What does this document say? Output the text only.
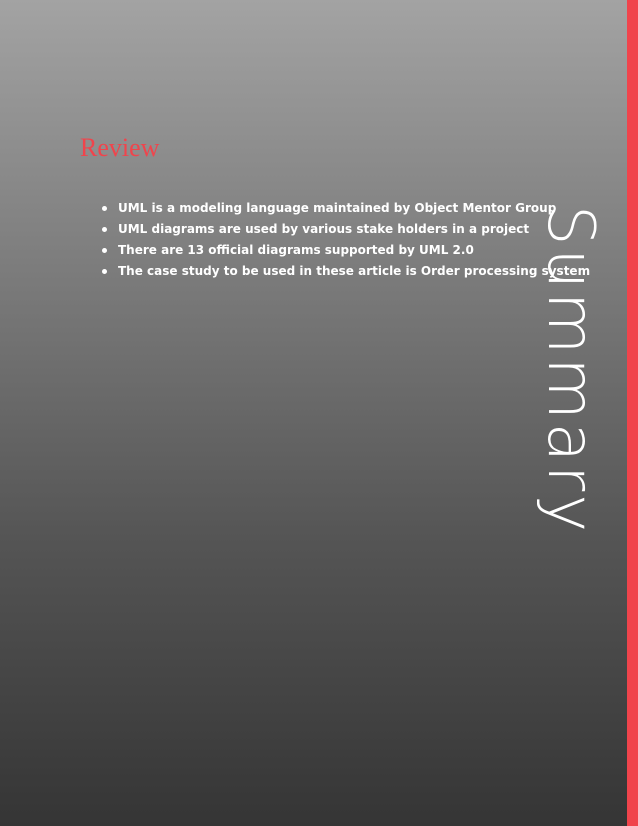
Review
UML is a modeling language maintained by Object Mentor Group
UML diagrams are used by various stake holders in a project
There are 13 official diagrams supported by UML 2.0
The case study to be used in these article is Order processing system
Summary
